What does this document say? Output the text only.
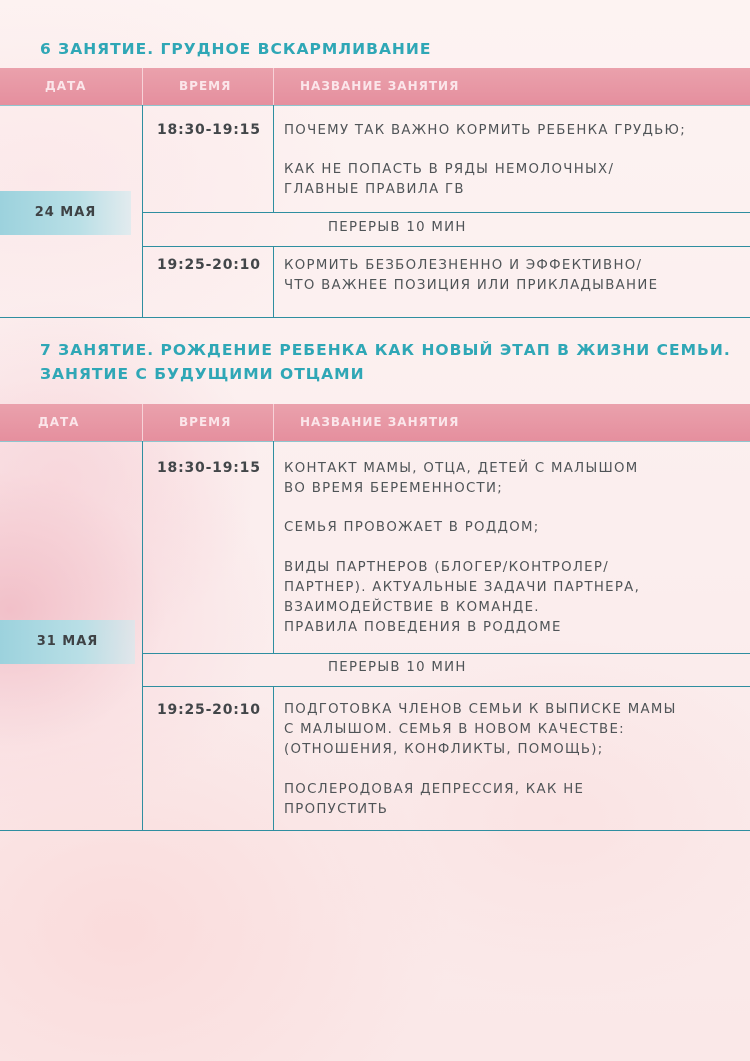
6 ЗАНЯТИЕ. ГРУДНОЕ ВСКАРМЛИВАНИЕ
ДАТА	ВРЕМЯ	НАЗВАНИЕ ЗАНЯТИЯ
24 МАЯ
18:30-19:15 ПОЧЕМУ ТАК ВАЖНО КОРМИТЬ РЕБЕНКА ГРУДЬЮ;
КАК НЕ ПОПАСТЬ В РЯДЫ НЕМОЛОЧНЫХ/
ГЛАВНЫЕ ПРАВИЛА ГВ
ПЕРЕРЫВ 10 МИН
19:25-20:10 КОРМИТЬ БЕЗБОЛЕЗНЕННО И ЭФФЕКТИВНО/
ЧТО ВАЖНЕЕ ПОЗИЦИЯ ИЛИ ПРИКЛАДЫВАНИЕ
7 ЗАНЯТИЕ. РОЖДЕНИЕ РЕБЕНКА КАК НОВЫЙ ЭТАП В ЖИЗНИ СЕМЬИ.
ЗАНЯТИЕ С БУДУЩИМИ ОТЦАМИ
ДАТА	ВРЕМЯ	НАЗВАНИЕ ЗАНЯТИЯ
31 МАЯ
18:30-19:15 КОНТАКТ МАМЫ, ОТЦА, ДЕТЕЙ С МАЛЫШОМ
ВО ВРЕМЯ БЕРЕМЕННОСТИ;
СЕМЬЯ ПРОВОЖАЕТ В РОДДОМ;
ВИДЫ ПАРТНЕРОВ (БЛОГЕР/КОНТРОЛЕР/
ПАРТНЕР). АКТУАЛЬНЫЕ ЗАДАЧИ ПАРТНЕРА,
ВЗАИМОДЕЙСТВИЕ В КОМАНДЕ.
ПРАВИЛА ПОВЕДЕНИЯ В РОДДОМЕ
ПЕРЕРЫВ 10 МИН
19:25-20:10 ПОДГОТОВКА ЧЛЕНОВ СЕМЬИ К ВЫПИСКЕ МАМЫ
С МАЛЫШОМ. СЕМЬЯ В НОВОМ КАЧЕСТВЕ:
(ОТНОШЕНИЯ, КОНФЛИКТЫ, ПОМОЩЬ);
ПОСЛЕРОДОВАЯ ДЕПРЕССИЯ, КАК НЕ
ПРОПУСТИТЬ
